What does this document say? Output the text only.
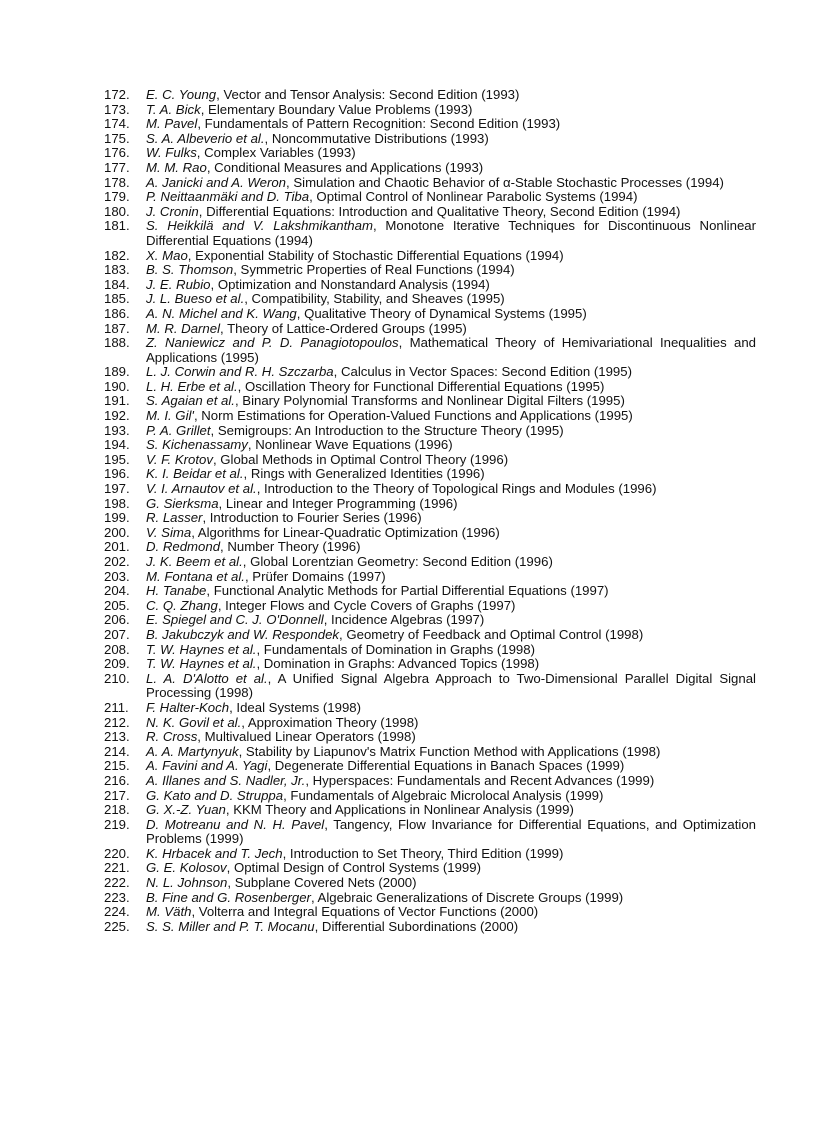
172.	E. C. Young, Vector and Tensor Analysis: Second Edition (1993)
173.	T. A. Bick, Elementary Boundary Value Problems (1993)
174.	M. Pavel, Fundamentals of Pattern Recognition: Second Edition (1993)
175.	S. A. Albeverio et al., Noncommutative Distributions (1993)
176.	W. Fulks, Complex Variables (1993)
177.	M. M. Rao, Conditional Measures and Applications (1993)
178.	A. Janicki and A. Weron, Simulation and Chaotic Behavior of α-Stable Stochastic Processes (1994)
179.	P. Neittaanmäki and D. Tiba, Optimal Control of Nonlinear Parabolic Systems (1994)
180.	J. Cronin, Differential Equations: Introduction and Qualitative Theory, Second Edition (1994)
181.	S. Heikkilä and V. Lakshmikantham, Monotone Iterative Techniques for Discontinuous Nonlinear Differential Equations (1994)
182.	X. Mao, Exponential Stability of Stochastic Differential Equations (1994)
183.	B. S. Thomson, Symmetric Properties of Real Functions (1994)
184.	J. E. Rubio, Optimization and Nonstandard Analysis (1994)
185.	J. L. Bueso et al., Compatibility, Stability, and Sheaves (1995)
186.	A. N. Michel and K. Wang, Qualitative Theory of Dynamical Systems (1995)
187.	M. R. Darnel, Theory of Lattice-Ordered Groups (1995)
188.	Z. Naniewicz and P. D. Panagiotopoulos, Mathematical Theory of Hemivariational Inequalities and Applications (1995)
189.	L. J. Corwin and R. H. Szczarba, Calculus in Vector Spaces: Second Edition (1995)
190.	L. H. Erbe et al., Oscillation Theory for Functional Differential Equations (1995)
191.	S. Agaian et al., Binary Polynomial Transforms and Nonlinear Digital Filters (1995)
192.	M. I. Gil', Norm Estimations for Operation-Valued Functions and Applications (1995)
193.	P. A. Grillet, Semigroups: An Introduction to the Structure Theory (1995)
194.	S. Kichenassamy, Nonlinear Wave Equations (1996)
195.	V. F. Krotov, Global Methods in Optimal Control Theory (1996)
196.	K. I. Beidar et al., Rings with Generalized Identities (1996)
197.	V. I. Arnautov et al., Introduction to the Theory of Topological Rings and Modules (1996)
198.	G. Sierksma, Linear and Integer Programming (1996)
199.	R. Lasser, Introduction to Fourier Series (1996)
200.	V. Sima, Algorithms for Linear-Quadratic Optimization (1996)
201.	D. Redmond, Number Theory (1996)
202.	J. K. Beem et al., Global Lorentzian Geometry: Second Edition (1996)
203.	M. Fontana et al., Prüfer Domains (1997)
204.	H. Tanabe, Functional Analytic Methods for Partial Differential Equations (1997)
205.	C. Q. Zhang, Integer Flows and Cycle Covers of Graphs (1997)
206.	E. Spiegel and C. J. O'Donnell, Incidence Algebras (1997)
207.	B. Jakubczyk and W. Respondek, Geometry of Feedback and Optimal Control (1998)
208.	T. W. Haynes et al., Fundamentals of Domination in Graphs (1998)
209.	T. W. Haynes et al., Domination in Graphs: Advanced Topics (1998)
210.	L. A. D'Alotto et al., A Unified Signal Algebra Approach to Two-Dimensional Parallel Digital Signal Processing (1998)
211.	F. Halter-Koch, Ideal Systems (1998)
212.	N. K. Govil et al., Approximation Theory (1998)
213.	R. Cross, Multivalued Linear Operators (1998)
214.	A. A. Martynyuk, Stability by Liapunov's Matrix Function Method with Applications (1998)
215.	A. Favini and A. Yagi, Degenerate Differential Equations in Banach Spaces (1999)
216.	A. Illanes and S. Nadler, Jr., Hyperspaces: Fundamentals and Recent Advances (1999)
217.	G. Kato and D. Struppa, Fundamentals of Algebraic Microlocal Analysis (1999)
218.	G. X.-Z. Yuan, KKM Theory and Applications in Nonlinear Analysis (1999)
219.	D. Motreanu and N. H. Pavel, Tangency, Flow Invariance for Differential Equations, and Optimization Problems (1999)
220.	K. Hrbacek and T. Jech, Introduction to Set Theory, Third Edition (1999)
221.	G. E. Kolosov, Optimal Design of Control Systems (1999)
222.	N. L. Johnson, Subplane Covered Nets (2000)
223.	B. Fine and G. Rosenberger, Algebraic Generalizations of Discrete Groups (1999)
224.	M. Väth, Volterra and Integral Equations of Vector Functions (2000)
225.	S. S. Miller and P. T. Mocanu, Differential Subordinations (2000)
